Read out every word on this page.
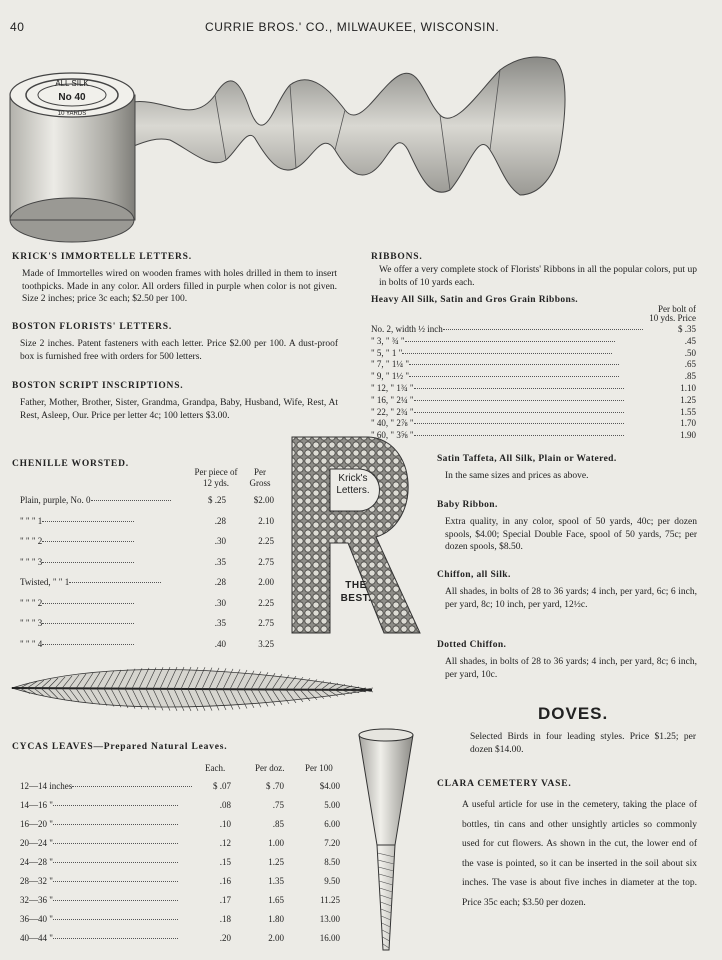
40	CURRIE BROS.' CO., MILWAUKEE, WISCONSIN.
ALL SILK
No 40
10 YARDS
KRICK'S IMMORTELLE LETTERS.
Made of Immortelles wired on wooden frames with holes drilled in them to insert toothpicks. Made in any color. All orders filled in purple when color is not given. Size 2 inches; price 3c each; $2.50 per 100.
BOSTON FLORISTS' LETTERS.
Size 2 inches. Patent fasteners with each letter. Price $2.00 per 100. A dust-proof box is furnished free with orders for 500 letters.
BOSTON SCRIPT INSCRIPTIONS.
Father, Mother, Brother, Sister, Grandma, Grandpa, Baby, Husband, Wife, Rest, At Rest, Asleep, Our. Price per letter 4c; 100 letters $3.00.
CHENILLE WORSTED.
Per piece of 12 yds.
Per Gross
Plain, purple, No. 0	$ .25	$2.00
" " " 1	.28	2.10
" " " 2	.30	2.25
" " " 3	.35	2.75
Twisted, " " 1	.28	2.00
" " " 2	.30	2.25
" " " 3	.35	2.75
" " " 4	.40	3.25
CYCAS LEAVES—Prepared Natural Leaves.
Each.	Per doz. Per 100
12—14 inches	$ .07	$ .70	$4.00
14—16 "	.08	.75	5.00
16—20 "	.10	.85	6.00
20—24 "	.12	1.00	7.20
24—28 "	.15	1.25	8.50
28—32 "	.16	1.35	9.50
32—36 "	.17	1.65	11.25
36—40 "	.18	1.80	13.00
40—44 "	.20	2.00	16.00
Krick's Letters.
THE BEST.
RIBBONS.
We offer a very complete stock of Florists' Ribbons in all the popular colors, put up in bolts of 10 yards each.
Heavy All Silk, Satin and Gros Grain Ribbons.
Per bolt of
10 yds. Price
No. 2, width ½ inch	$ .35
" 3, " ¾ "	.45
" 5, " 1 "	.50
" 7, " 1¼ "	.65
" 9, " 1½ "	.85
" 12, " 1¾ "	1.10
" 16, " 2¼ "	1.25
" 22, " 2¾ "	1.55
" 40, " 2⅞ "	1.70
" 60, " 3⅝ "	1.90
Satin Taffeta, All Silk, Plain or Watered.
In the same sizes and prices as above.
Baby Ribbon.
Extra quality, in any color, spool of 50 yards, 40c; per dozen spools, $4.00; Special Double Face, spool of 50 yards, 75c; per dozen spools, $8.50.
Chiffon, all Silk.
All shades, in bolts of 28 to 36 yards; 4 inch, per yard, 6c; 6 inch, per yard, 8c; 10 inch, per yard, 12½c.
Dotted Chiffon.
All shades, in bolts of 28 to 36 yards; 4 inch, per yard, 8c; 6 inch, per yard, 10c.
DOVES.
Selected Birds in four leading styles. Price $1.25; per dozen $14.00.
CLARA CEMETERY VASE.
A useful article for use in the cemetery, taking the place of bottles, tin cans and other unsightly articles so commonly used for cut flowers. As shown in the cut, the lower end of the vase is pointed, so it can be inserted in the soil about six inches. The vase is about five inches in diameter at the top. Price 35c each; $3.50 per dozen.
